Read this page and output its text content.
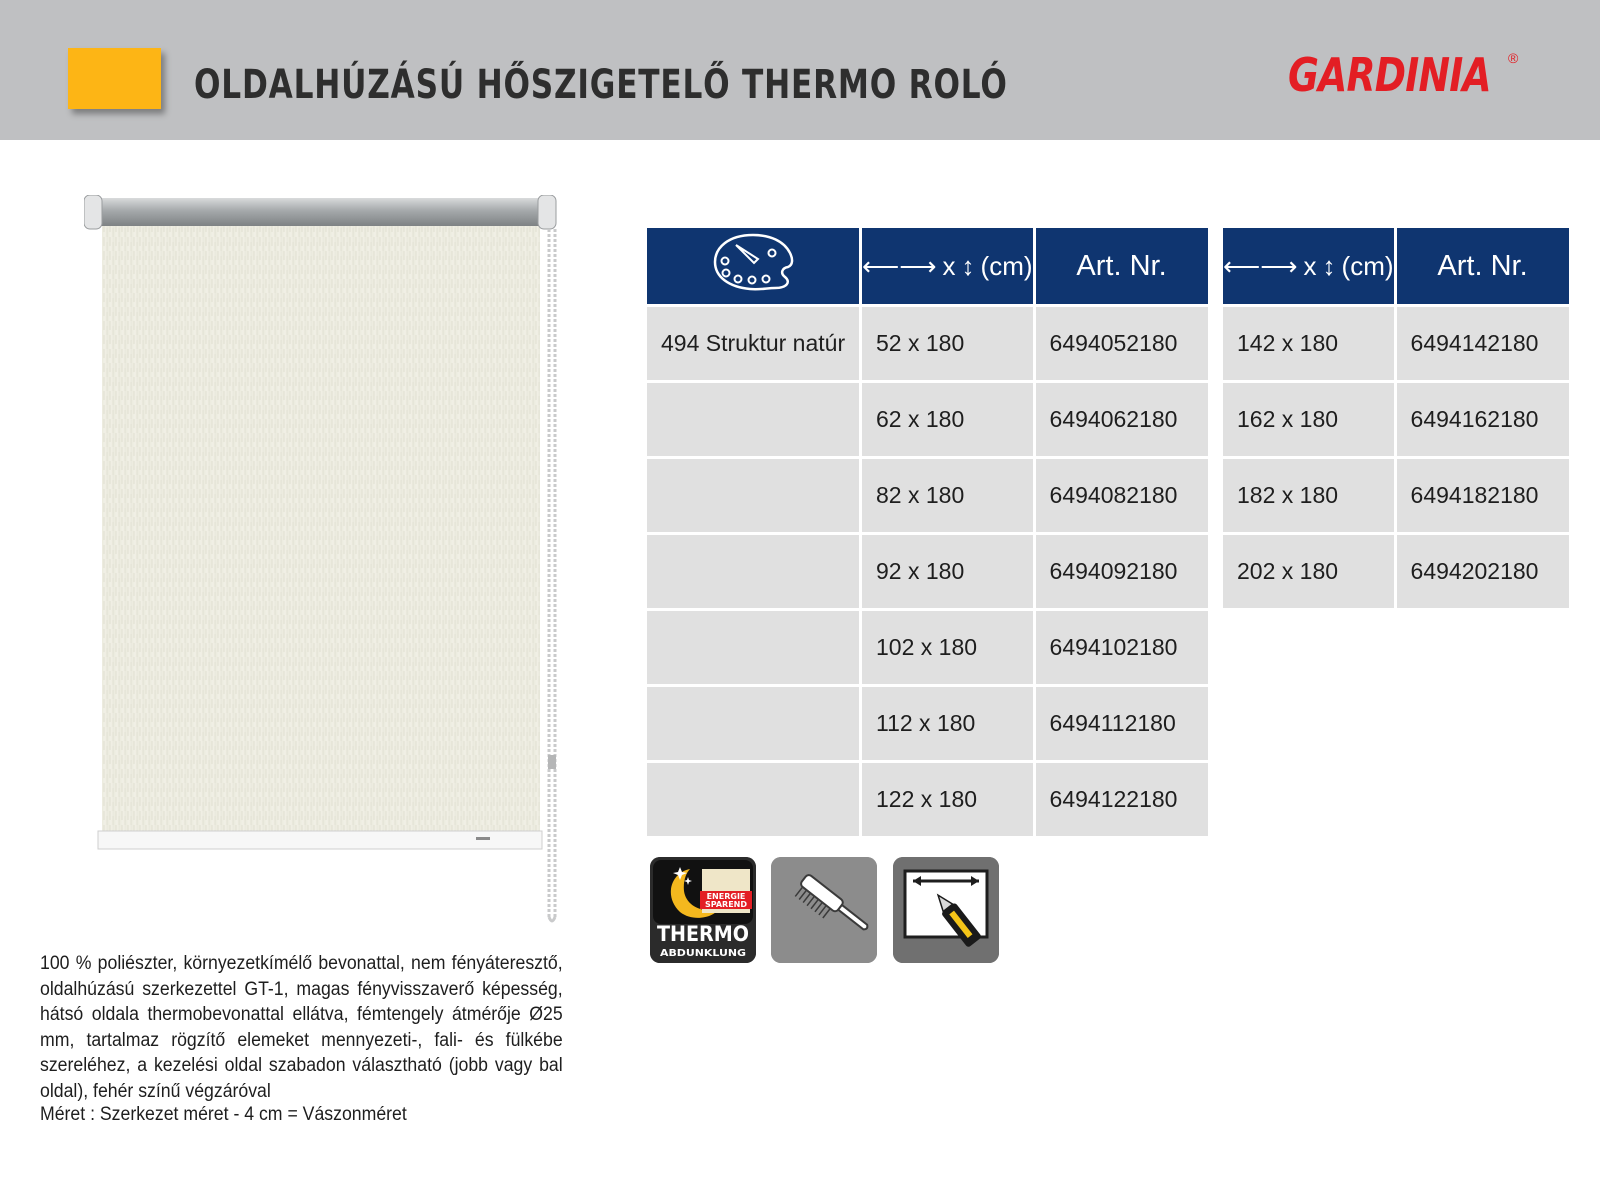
OLDALHÚZÁSÚ HŐSZIGETELŐ THERMO ROLÓ	GARDINIA ®
100 % poliészter, környezetkímélő bevonattal, nem fényáteresztő, oldalhúzású szerkezettel GT-1, magas fényvisszaverő képesség, hátsó oldala thermobevonattal ellátva, fémtengely átmérője Ø25 mm, tartalmaz rögzítő elemeket mennyezeti-, fali- és fülkébe szereléhez, a kezelési oldal szabadon választható (jobb vagy bal oldal), fehér színű végzáróval
Méret : Szerkezet méret - 4 cm = Vászonméret

⟵⟶ x ↕ (cm)	Art. Nr.
494 Struktur natúr	52 x 180	6494052180
	62 x 180	6494062180
	82 x 180	6494082180
	92 x 180	6494092180
	102 x 180	6494102180
	112 x 180	6494112180
	122 x 180	6494122180
⟵⟶ x ↕ (cm)	Art. Nr.
142 x 180	6494142180
162 x 180	6494162180
182 x 180	6494182180
202 x 180	6494202180
ENERGIE
SPAREND
THERMO
ABDUNKLUNG
